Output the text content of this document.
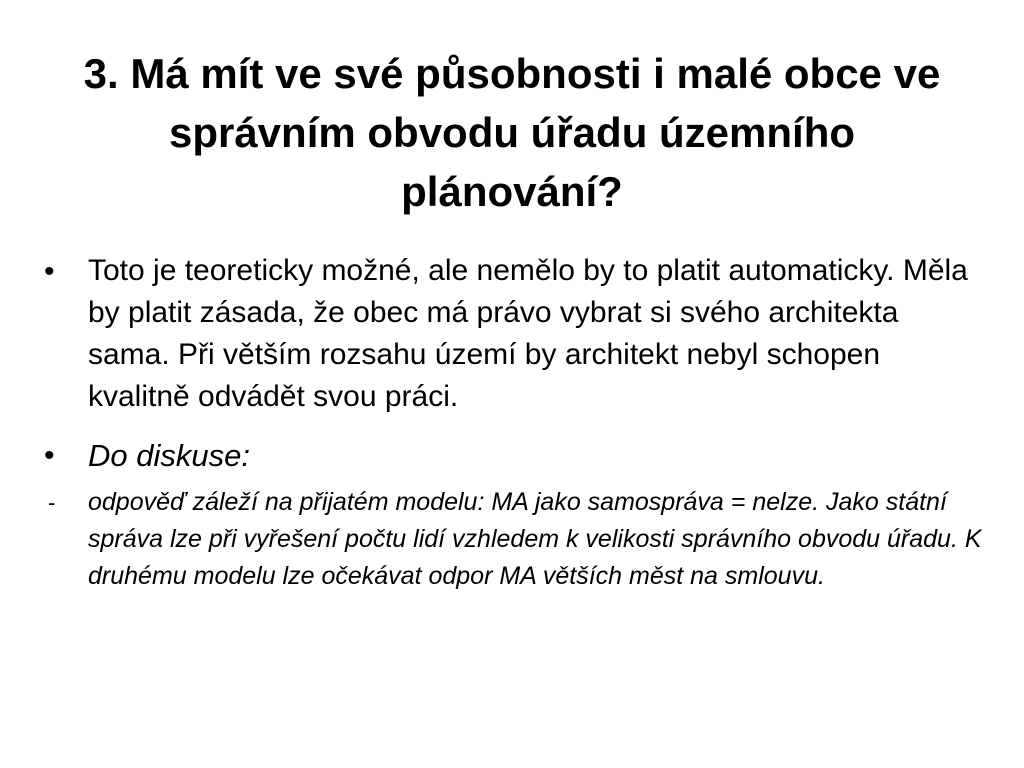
3. Má mít ve své působnosti i malé obce ve správním obvodu úřadu územního plánování?
•	Toto je teoreticky možné, ale nemělo by to platit automaticky. Měla by platit zásada, že obec má právo vybrat si svého architekta sama. Při větším rozsahu území by architekt nebyl schopen kvalitně odvádět svou práci.
•	Do diskuse:
- odpověď záleží na přijatém modelu: MA jako samospráva = nelze. Jako státní správa lze při vyřešení počtu lidí vzhledem k velikosti správního obvodu úřadu. K druhému modelu lze očekávat odpor MA větších měst na smlouvu.
